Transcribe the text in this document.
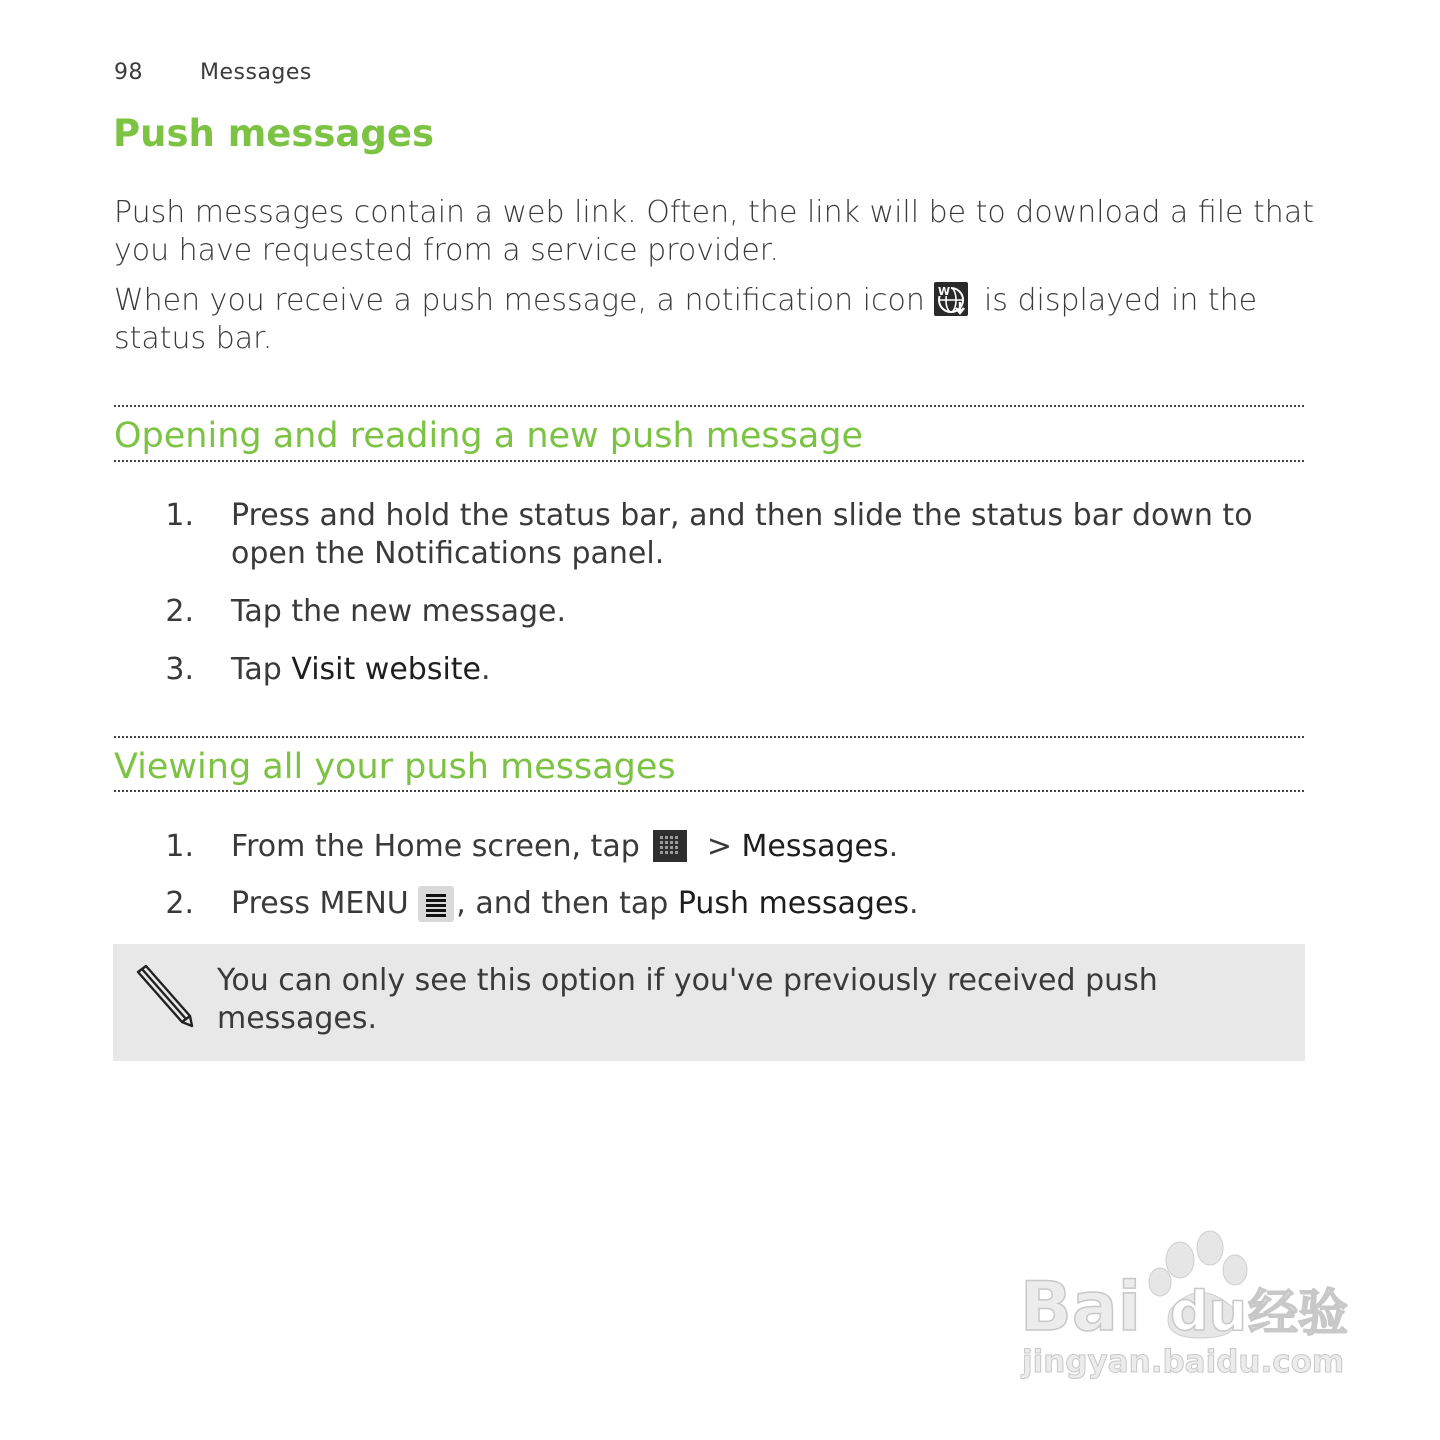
98	Messages
Push messages
Push messages contain a web link. Often, the link will be to download a file that you have requested from a service provider.
When you receive a push message, a notification icon W is displayed in the status bar.
Opening and reading a new push message
1. Press and hold the status bar, and then slide the status bar down to open the Notifications panel.
2. Tap the new message.
3. Tap Visit website.
Viewing all your push messages
1. From the Home screen, tap  > Messages.
2. Press MENU , and then tap Push messages.
You can only see this option if you've previously received push messages.
Bai du 经验
jingyan.baidu.com
